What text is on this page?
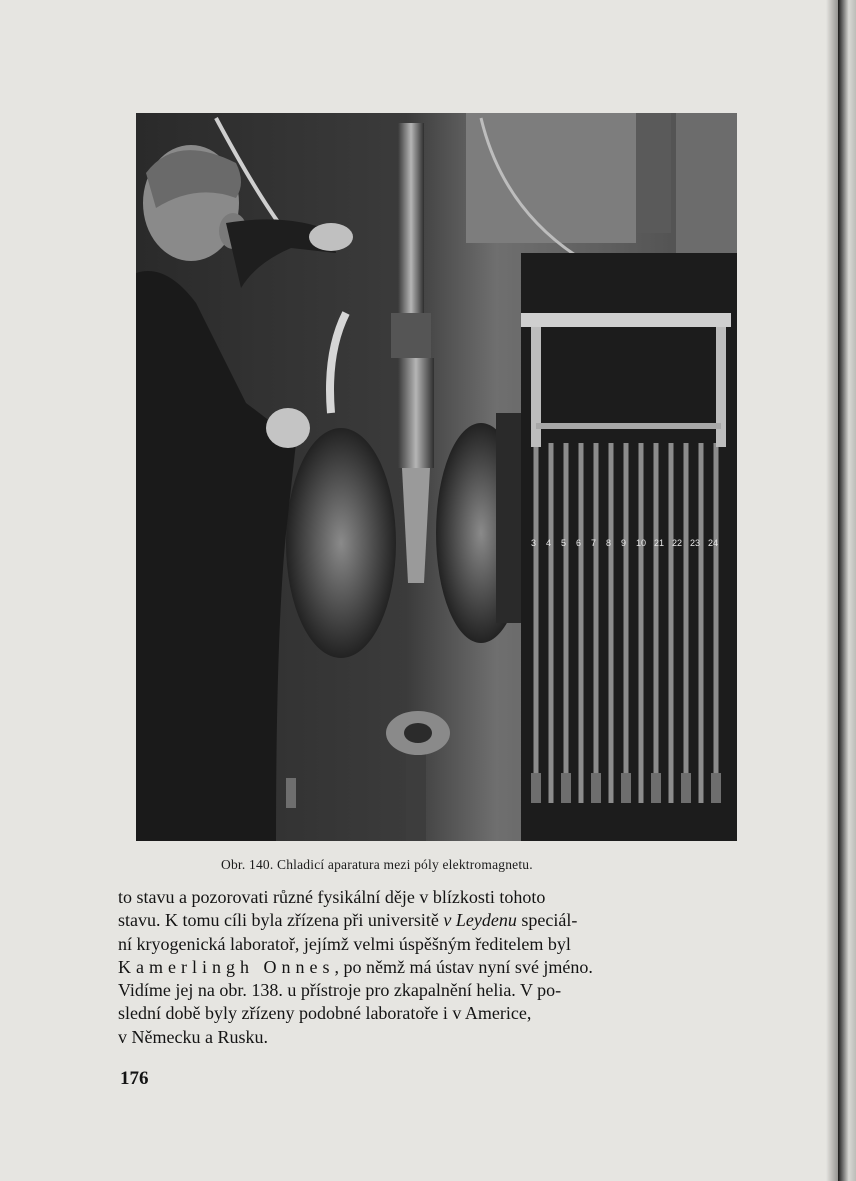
3 4 5 6 7 8 9 10 21 22 23 24
Obr. 140. Chladicí aparatura mezi póly elektromagnetu.
to stavu a pozorovati různé fysikální děje v blízkosti tohoto
stavu. K tomu cíli byla zřízena při universitě v Leydenu speciál-
ní kryogenická laboratoř, jejímž velmi úspěšným ředitelem byl
Kamerlingh Onnes, po němž má ústav nyní své jméno.
Vidíme jej na obr. 138. u přístroje pro zkapalnění helia. V po-
slední době byly zřízeny podobné laboratoře i v Americe,
v Německu a Rusku.
176
